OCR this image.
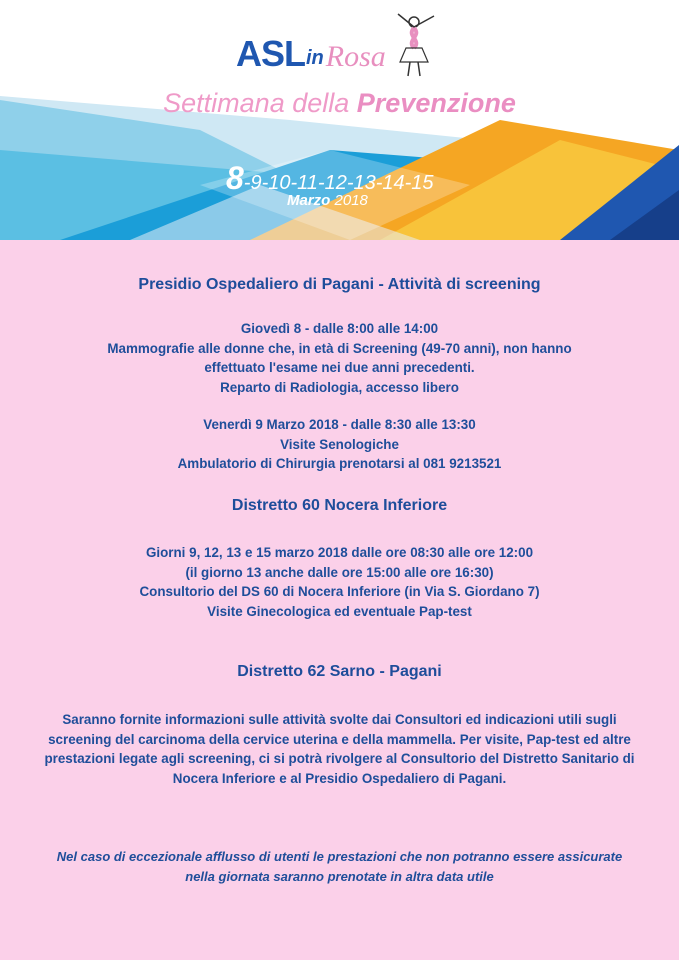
ASL in Rosa
Settimana della Prevenzione
8-9-10-11-12-13-14-15
Marzo 2018
Presidio Ospedaliero di Pagani - Attività di screening
Giovedì 8 - dalle 8:00 alle 14:00
Mammografie alle donne che, in età di Screening (49-70 anni), non hanno
effettuato l'esame nei due anni precedenti.
Reparto di Radiologia, accesso libero
Venerdì 9 Marzo 2018 - dalle 8:30 alle 13:30
Visite Senologiche
Ambulatorio di Chirurgia prenotarsi al 081 9213521
Distretto 60 Nocera Inferiore
Giorni 9, 12, 13 e 15 marzo 2018 dalle ore 08:30 alle ore 12:00
(il giorno 13 anche dalle ore 15:00 alle ore 16:30)
Consultorio del DS 60 di Nocera Inferiore (in Via S. Giordano 7)
Visite Ginecologica ed eventuale Pap-test
Distretto 62 Sarno - Pagani
Saranno fornite informazioni sulle attività svolte dai Consultori ed indicazioni utili sugli
screening del carcinoma della cervice uterina e della mammella. Per visite, Pap-test ed altre
prestazioni legate agli screening, ci si potrà rivolgere al Consultorio del Distretto Sanitario di
Nocera Inferiore e al Presidio Ospedaliero di Pagani.
Nel caso di eccezionale afflusso di utenti le prestazioni che non potranno essere assicurate
nella giornata saranno prenotate in altra data utile
